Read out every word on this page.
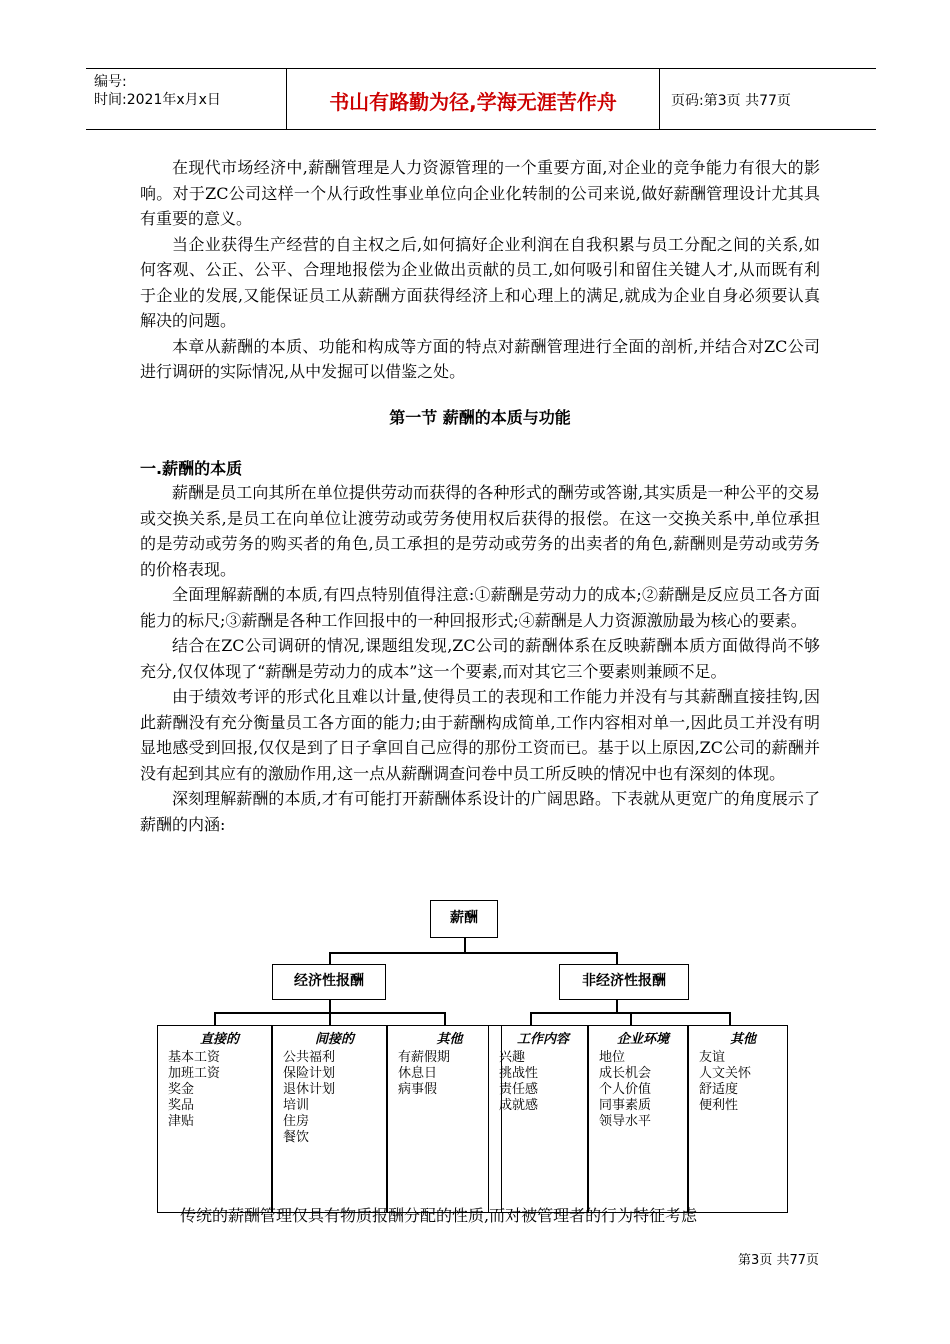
编号:
时间:2021年x月x日	书山有路勤为径,学海无涯苦作舟	页码:第3页 共77页

在现代市场经济中,薪酬管理是人力资源管理的一个重要方面,对企业的竞争能力有很大的影响。对于ZC公司这样一个从行政性事业单位向企业化转制的公司来说,做好薪酬管理设计尤其具有重要的意义。

当企业获得生产经营的自主权之后,如何搞好企业利润在自我积累与员工分配之间的关系,如何客观、公正、公平、合理地报偿为企业做出贡献的员工,如何吸引和留住关键人才,从而既有利于企业的发展,又能保证员工从薪酬方面获得经济上和心理上的满足,就成为企业自身必须要认真解决的问题。

本章从薪酬的本质、功能和构成等方面的特点对薪酬管理进行全面的剖析,并结合对ZC公司进行调研的实际情况,从中发掘可以借鉴之处。

第一节 薪酬的本质与功能
一.薪酬的本质

薪酬是员工向其所在单位提供劳动而获得的各种形式的酬劳或答谢,其实质是一种公平的交易或交换关系,是员工在向单位让渡劳动或劳务使用权后获得的报偿。在这一交换关系中,单位承担的是劳动或劳务的购买者的角色,员工承担的是劳动或劳务的出卖者的角色,薪酬则是劳动或劳务的价格表现。

全面理解薪酬的本质,有四点特别值得注意:①薪酬是劳动力的成本;②薪酬是反应员工各方面能力的标尺;③薪酬是各种工作回报中的一种回报形式;④薪酬是人力资源激励最为核心的要素。

结合在ZC公司调研的情况,课题组发现,ZC公司的薪酬体系在反映薪酬本质方面做得尚不够充分,仅仅体现了“薪酬是劳动力的成本”这一个要素,而对其它三个要素则兼顾不足。

由于绩效考评的形式化且难以计量,使得员工的表现和工作能力并没有与其薪酬直接挂钩,因此薪酬没有充分衡量员工各方面的能力;由于薪酬构成简单,工作内容相对单一,因此员工并没有明显地感受到回报,仅仅是到了日子拿回自己应得的那份工资而已。基于以上原因,ZC公司的薪酬并没有起到其应有的激励作用,这一点从薪酬调查问卷中员工所反映的情况中也有深刻的体现。

深刻理解薪酬的本质,才有可能打开薪酬体系设计的广阔思路。下表就从更宽广的角度展示了薪酬的内涵:

传统的薪酬管理仅具有物质报酬分配的性质,而对被管理者的行为特征考虑
薪酬
经济性报酬	非经济性报酬
直接的
基本工资
加班工资
奖金
奖品
津贴
间接的
公共福利
保险计划
退休计划
培训
住房
餐饮
其他
有薪假期
休息日
病事假
工作内容
兴趣
挑战性
责任感
成就感
企业环境
地位
成长机会
个人价值
同事素质
领导水平
其他
友谊
人文关怀
舒适度
便利性
第3页 共77页
